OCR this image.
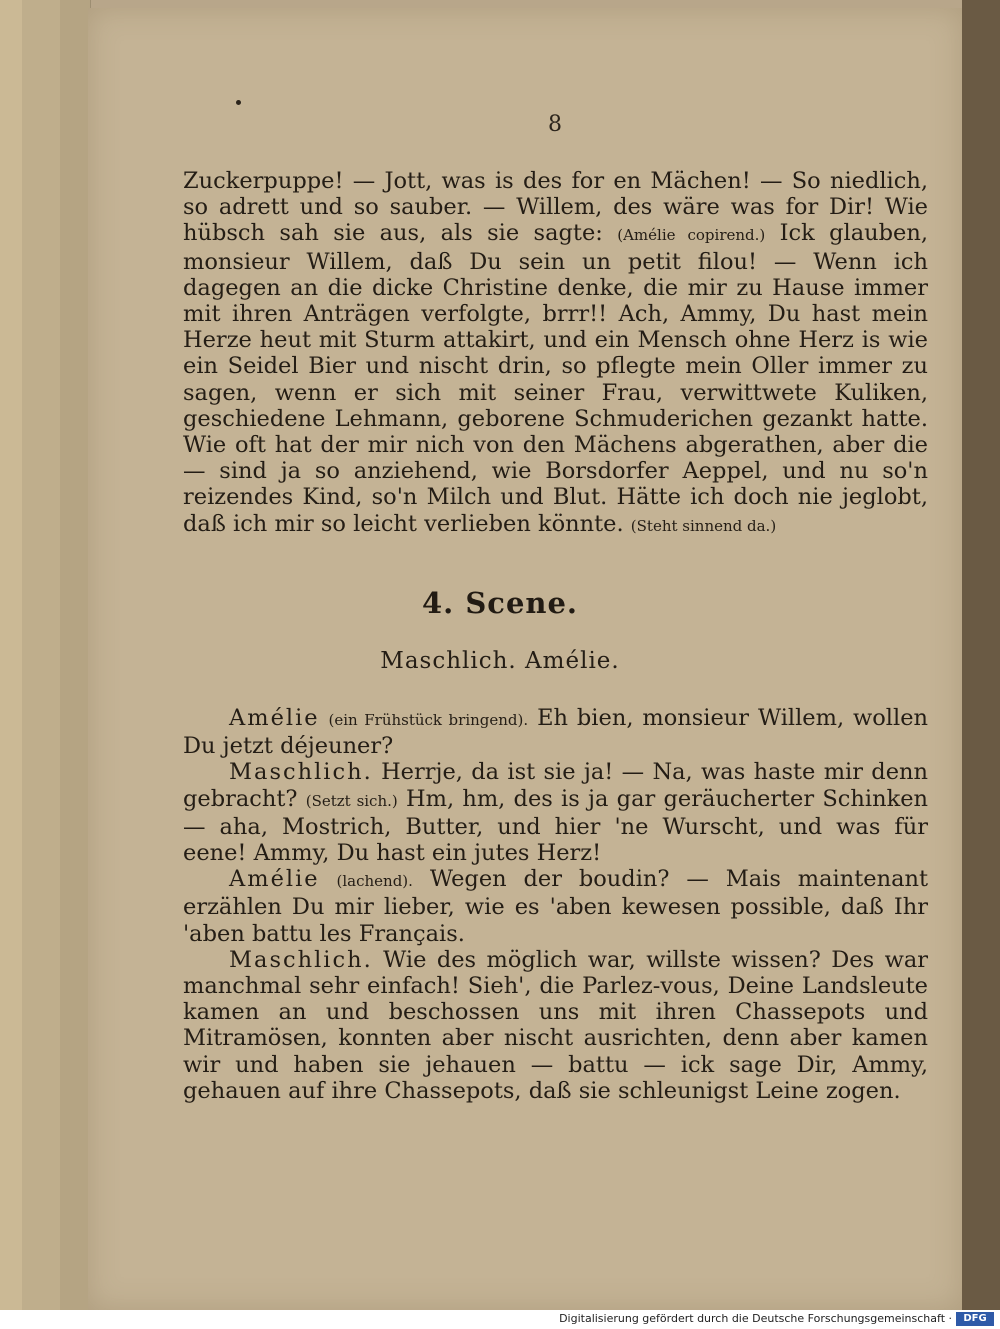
8
Zuckerpuppe! — Jott, was is des for en Mächen! — So niedlich, so adrett und so sauber. — Willem, des wäre was for Dir! Wie hübsch sah sie aus, als sie sagte: (Amélie copirend.) Ick glauben, monsieur Willem, daß Du sein un petit filou! — Wenn ich dagegen an die dicke Christine denke, die mir zu Hause immer mit ihren Anträgen verfolgte, brrr!! Ach, Ammy, Du hast mein Herze heut mit Sturm attakirt, und ein Mensch ohne Herz is wie ein Seidel Bier und nischt drin, so pflegte mein Oller immer zu sagen, wenn er sich mit seiner Frau, verwittwete Kuliken, geschiedene Lehmann, geborene Schmuderichen gezankt hatte. Wie oft hat der mir nich von den Mächens abgerathen, aber die — sind ja so anziehend, wie Borsdorfer Aeppel, und nu so'n reizendes Kind, so'n Milch und Blut. Hätte ich doch nie jeglobt, daß ich mir so leicht verlieben könnte. (Steht sinnend da.)
4. Scene.
Maschlich. Amélie.

Amélie (ein Frühstück bringend). Eh bien, monsieur Willem, wollen Du jetzt déjeuner?

Maschlich. Herrje, da ist sie ja! — Na, was haste mir denn gebracht? (Setzt sich.) Hm, hm, des is ja gar geräucherter Schinken — aha, Mostrich, Butter, und hier 'ne Wurscht, und was für eene! Ammy, Du hast ein jutes Herz!

Amélie (lachend). Wegen der boudin? — Mais maintenant erzählen Du mir lieber, wie es 'aben kewesen possible, daß Ihr 'aben battu les Français.

Maschlich. Wie des möglich war, willste wissen? Des war manchmal sehr einfach! Sieh', die Parlez-vous, Deine Landsleute kamen an und beschossen uns mit ihren Chassepots und Mitramösen, konnten aber nischt ausrichten, denn aber kamen wir und haben sie jehauen — battu — ick sage Dir, Ammy, gehauen auf ihre Chassepots, daß sie schleunigst Leine zogen.

Digitalisierung gefördert durch die Deutsche Forschungsgemeinschaft ·	DFG
